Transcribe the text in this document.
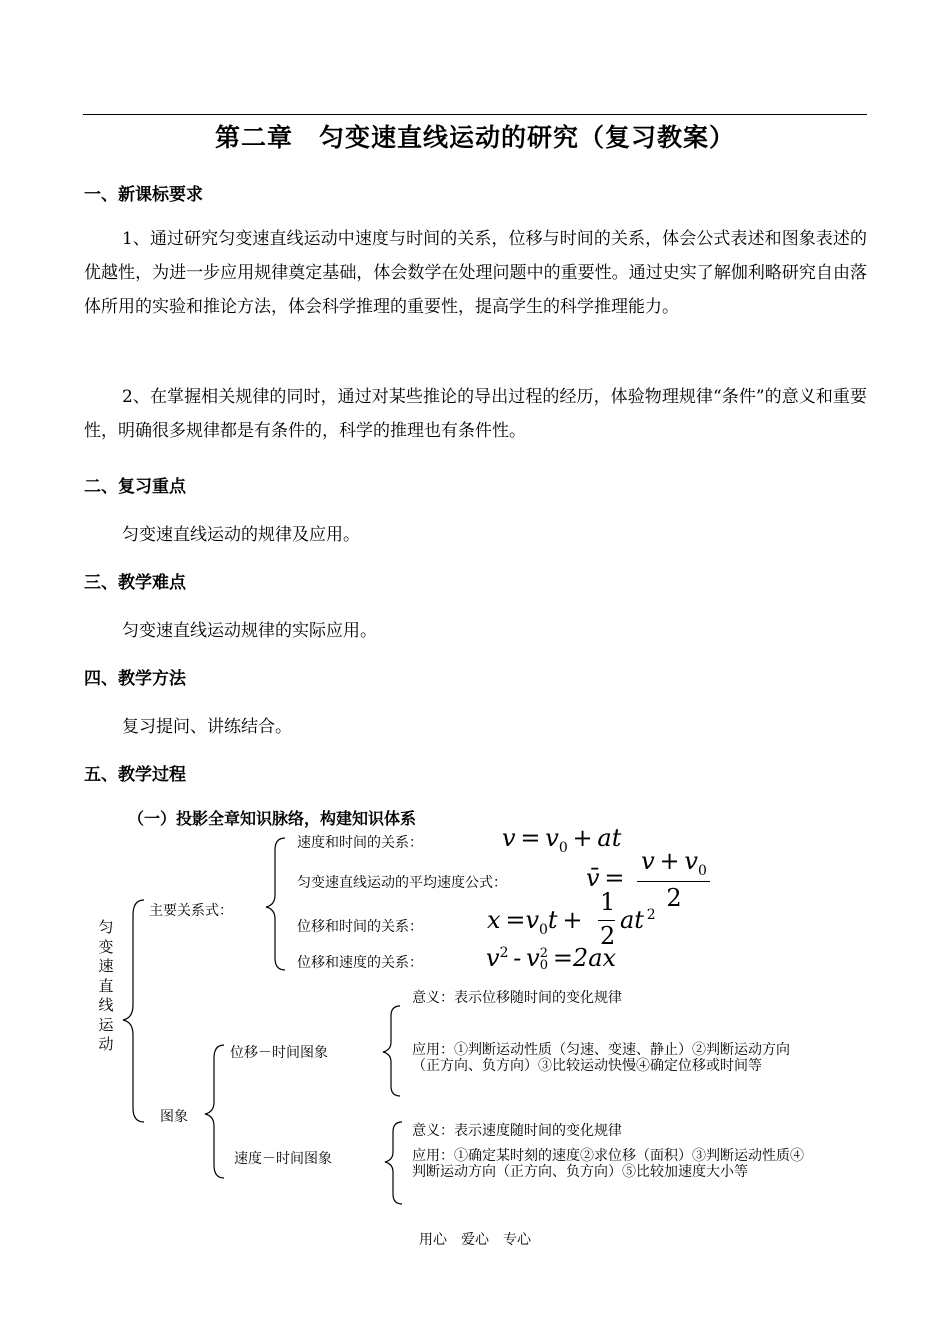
第二章　匀变速直线运动的研究（复习教案）
一、新课标要求
1、通过研究匀变速直线运动中速度与时间的关系，位移与时间的关系，体会公式表述和图象表述的优越性，为进一步应用规律奠定基础，体会数学在处理问题中的重要性。通过史实了解伽利略研究自由落体所用的实验和推论方法，体会科学推理的重要性，提高学生的科学推理能力。
2、在掌握相关规律的同时，通过对某些推论的导出过程的经历，体验物理规律“条件”的意义和重要性，明确很多规律都是有条件的，科学的推理也有条件性。
二、复习重点
匀变速直线运动的规律及应用。
三、教学难点
匀变速直线运动规律的实际应用。
四、教学方法
复习提问、讲练结合。
五、教学过程
（一）投影全章知识脉络，构建知识体系
匀变速直线运动
主要关系式：
速度和时间的关系：
匀变速直线运动的平均速度公式：
位移和时间的关系：
位移和速度的关系：
$v = v_0$ + at
v̄ =
$v + v_0$
2
$x =v_0t$ +
1
2
at $^2$
$v^2 - v2$
0 =2ax
图象
位移－时间图象
意义：表示位移随时间的变化规律
应用：①判断运动性质（匀速、变速、静止）②判断运动方向（正方向、负方向）③比较运动快慢④确定位移或时间等
速度－时间图象
意义：表示速度随时间的变化规律
应用：①确定某时刻的速度②求位移（面积）③判断运动性质④判断运动方向（正方向、负方向）⑤比较加速度大小等
用心　爱心　专心
